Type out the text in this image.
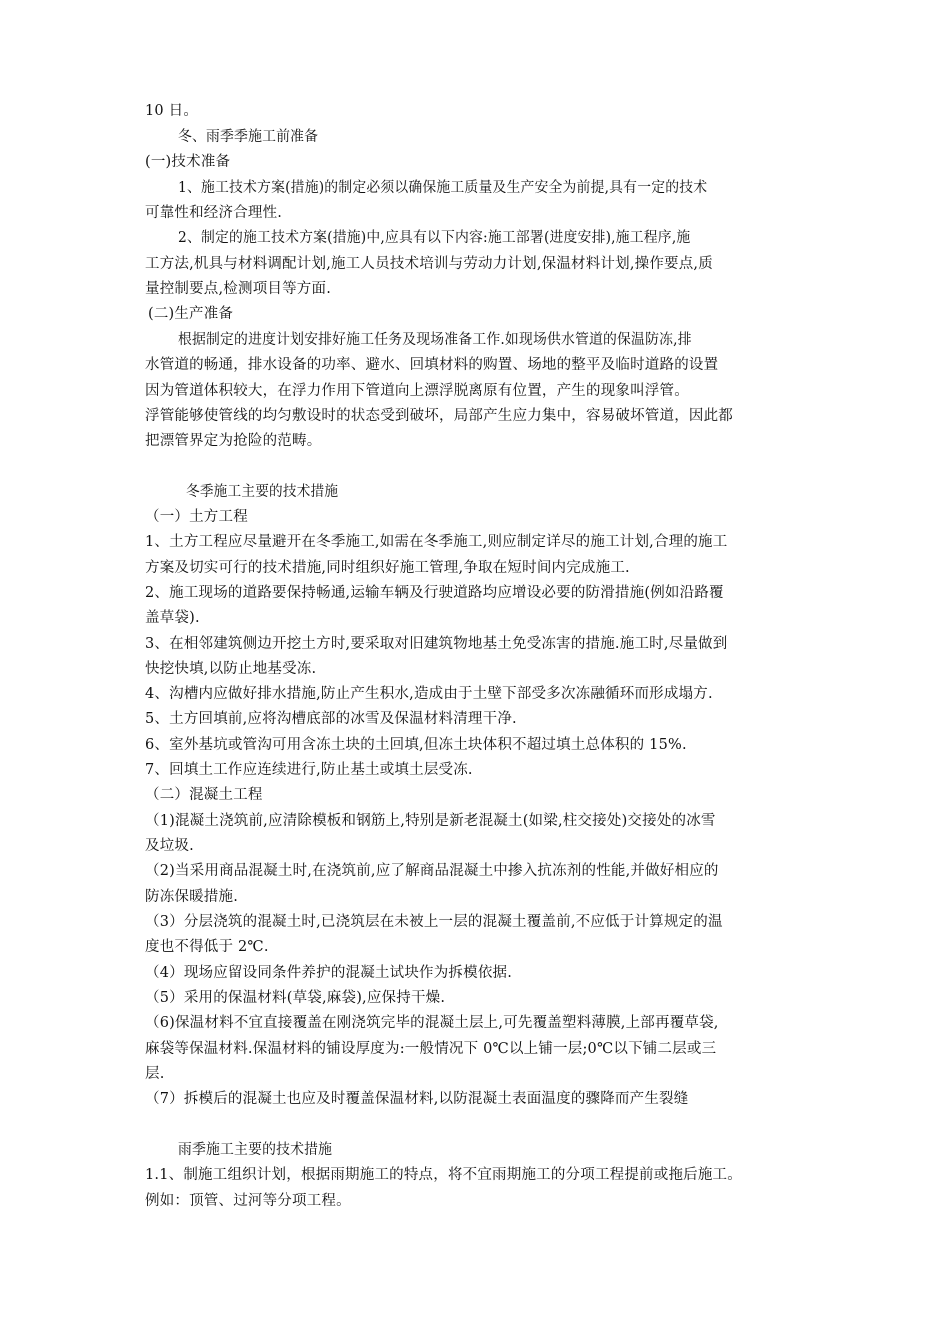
10 日。
冬、雨季季施工前准备
(一)技术准备
1、施工技术方案(措施)的制定必须以确保施工质量及生产安全为前提,具有一定的技术
可靠性和经济合理性.
2、制定的施工技术方案(措施)中,应具有以下内容:施工部署(进度安排),施工程序,施
工方法,机具与材料调配计划,施工人员技术培训与劳动力计划,保温材料计划,操作要点,质
量控制要点,检测项目等方面.
(二)生产准备
根据制定的进度计划安排好施工任务及现场准备工作.如现场供水管道的保温防冻,排
水管道的畅通，排水设备的功率、避水、回填材料的购置、场地的整平及临时道路的设置
因为管道体积较大，在浮力作用下管道向上漂浮脱离原有位置，产生的现象叫浮管。
浮管能够使管线的均匀敷设时的状态受到破坏，局部产生应力集中，容易破坏管道，因此都
把漂管界定为抢险的范畴。
冬季施工主要的技术措施
（一）土方工程
1、土方工程应尽量避开在冬季施工,如需在冬季施工,则应制定详尽的施工计划,合理的施工
方案及切实可行的技术措施,同时组织好施工管理,争取在短时间内完成施工.
2、施工现场的道路要保持畅通,运输车辆及行驶道路均应增设必要的防滑措施(例如沿路覆
盖草袋).
3、在相邻建筑侧边开挖土方时,要采取对旧建筑物地基土免受冻害的措施.施工时,尽量做到
快挖快填,以防止地基受冻.
4、沟槽内应做好排水措施,防止产生积水,造成由于土壁下部受多次冻融循环而形成塌方.
5、土方回填前,应将沟槽底部的冰雪及保温材料清理干净.
6、室外基坑或管沟可用含冻土块的土回填,但冻土块体积不超过填土总体积的 15%.
7、回填土工作应连续进行,防止基土或填土层受冻.
（二）混凝土工程
（1)混凝土浇筑前,应清除模板和钢筋上,特别是新老混凝土(如梁,柱交接处)交接处的冰雪
及垃圾.
（2)当采用商品混凝土时,在浇筑前,应了解商品混凝土中掺入抗冻剂的性能,并做好相应的
防冻保暖措施.
（3）分层浇筑的混凝土时,已浇筑层在未被上一层的混凝土覆盖前,不应低于计算规定的温
度也不得低于 2℃.
（4）现场应留设同条件养护的混凝土试块作为拆模依据.
（5）采用的保温材料(草袋,麻袋),应保持干燥.
（6)保温材料不宜直接覆盖在刚浇筑完毕的混凝土层上,可先覆盖塑料薄膜,上部再覆草袋,
麻袋等保温材料.保温材料的铺设厚度为:一般情况下 0℃以上铺一层;0℃以下铺二层或三
层.
（7）拆模后的混凝土也应及时覆盖保温材料,以防混凝土表面温度的骤降而产生裂缝
雨季施工主要的技术措施
1.1、制施工组织计划，根据雨期施工的特点，将不宜雨期施工的分项工程提前或拖后施工。
例如：顶管、过河等分项工程。
